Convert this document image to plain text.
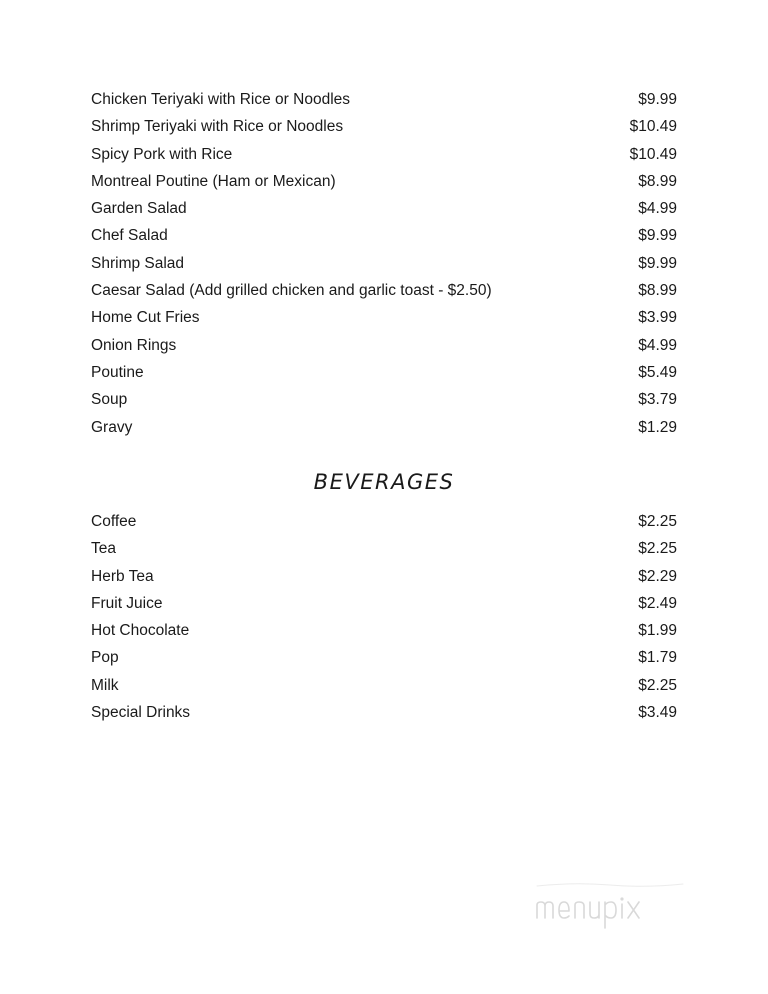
Chicken Teriyaki with Rice or Noodles	$9.99
Shrimp Teriyaki with Rice or Noodles	$10.49
Spicy Pork with Rice	$10.49
Montreal Poutine (Ham or Mexican)	$8.99
Garden Salad	$4.99
Chef Salad	$9.99
Shrimp Salad	$9.99
Caesar Salad (Add grilled chicken and garlic toast - $2.50)	$8.99
Home Cut Fries	$3.99
Onion Rings	$4.99
Poutine	$5.49
Soup	$3.79
Gravy	$1.29
BEVERAGES
Coffee	$2.25
Tea	$2.25
Herb Tea	$2.29
Fruit Juice	$2.49
Hot Chocolate	$1.99
Pop	$1.79
Milk	$2.25
Special Drinks	$3.49
